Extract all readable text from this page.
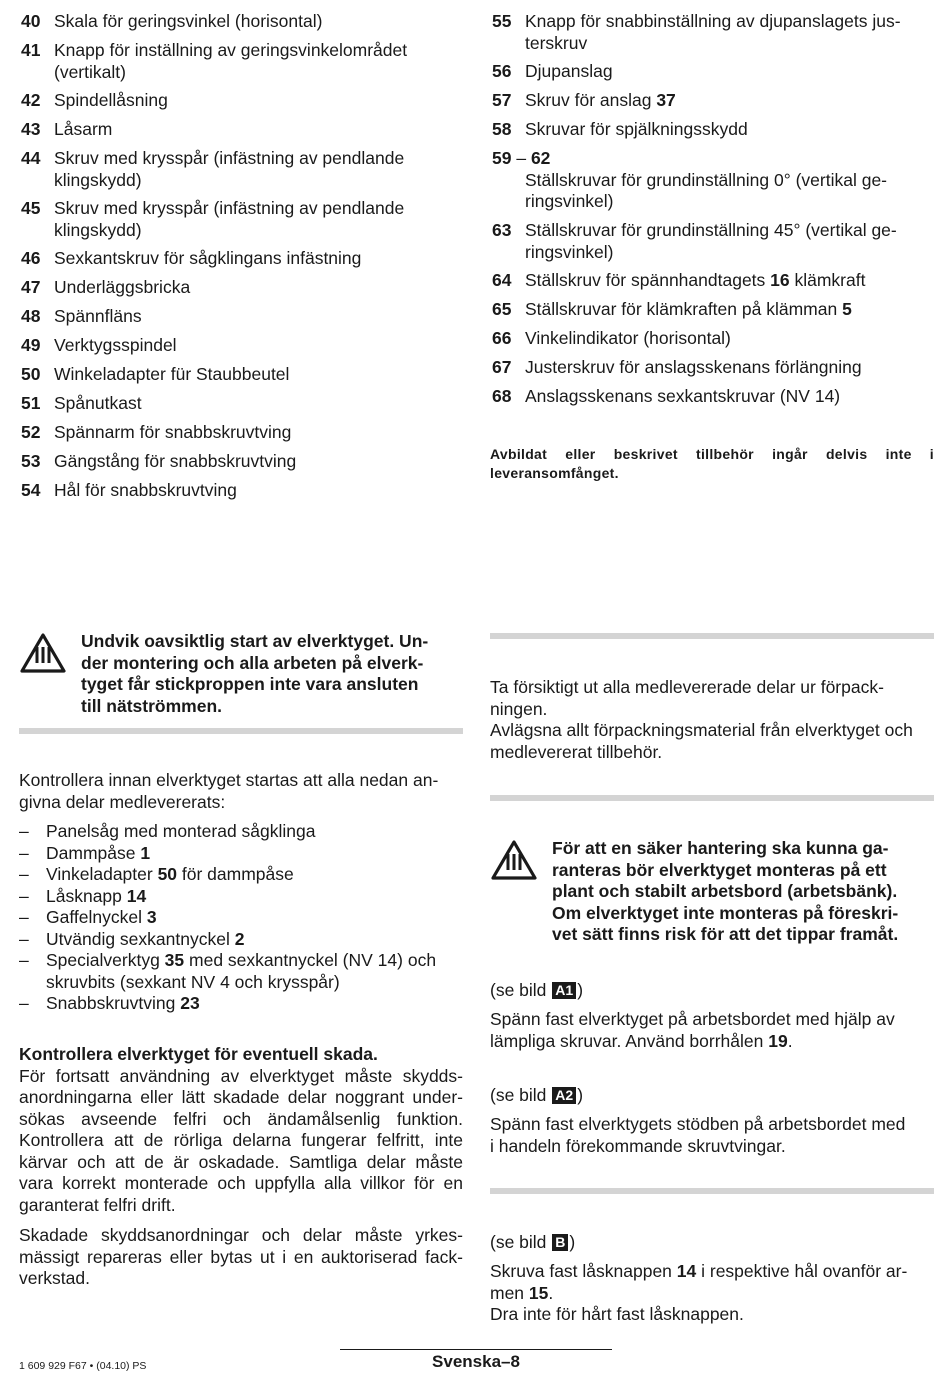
40 Skala för geringsvinkel (horisontal)
41 Knapp för inställning av geringsvinkelområdet (vertikalt)
42 Spindellåsning
43 Låsarm
44 Skruv med krysspår (infästning av pendlande klingskydd)
45 Skruv med krysspår (infästning av pendlande klingskydd)
46 Sexkantskruv för sågklingans infästning
47 Underläggsbricka
48 Spännfläns
49 Verktygsspindel
50 Winkeladapter für Staubbeutel
51 Spånutkast
52 Spännarm för snabbskruvtving
53 Gängstång för snabbskruvtving
54 Hål för snabbskruvtving
55 Knapp för snabbinställning av djupanslagets jus-
terskruv
56 Djupanslag
57 Skruv för anslag 37
58 Skruvar för spjälkningsskydd
59 – 62
Ställskruvar för grundinställning 0° (vertikal ge-
ringsvinkel)
63 Ställskruvar för grundinställning 45° (vertikal ge-
ringsvinkel)
64 Ställskruv för spännhandtagets 16 klämkraft
65 Ställskruvar för klämkraften på klämman 5
66 Vinkelindikator (horisontal)
67 Justerskruv för anslagsskenans förlängning
68 Anslagsskenans sexkantskruvar (NV 14)
Avbildat eller beskrivet tillbehör ingår delvis inte i
leveransomfånget.
Undvik oavsiktlig start av elverktyget. Un-
der montering och alla arbeten på elverk-
tyget får stickproppen inte vara ansluten
till nätströmmen.
Kontrollera innan elverktyget startas att alla nedan an-
givna delar medlevererats:
– Panelsåg med monterad sågklinga
– Dammpåse 1
– Vinkeladapter 50 för dammpåse
– Låsknapp 14
– Gaffelnyckel 3
– Utvändig sexkantnyckel 2
– Specialverktyg 35 med sexkantnyckel (NV 14) och
skruvbits (sexkant NV 4 och krysspår)
– Snabbskruvtving 23
Kontrollera elverktyget för eventuell skada.
För fortsatt användning av elverktyget måste skydds-
anordningarna eller lätt skadade delar noggrant under-
sökas avseende felfri och ändamålsenlig funktion.
Kontrollera att de rörliga delarna fungerar felfritt, inte
kärvar och att de är oskadade. Samtliga delar måste
vara korrekt monterade och uppfylla alla villkor för en
garanterat felfri drift.
Skadade skyddsanordningar och delar måste yrkes-
mässigt repareras eller bytas ut i en auktoriserad fack-
verkstad.
Ta försiktigt ut alla medlevererade delar ur förpack-
ningen.
Avlägsna allt förpackningsmaterial från elverktyget och
medlevererat tillbehör.
För att en säker hantering ska kunna ga-
ranteras bör elverktyget monteras på ett
plant och stabilt arbetsbord (arbetsbänk).
Om elverktyget inte monteras på föreskri-
vet sätt finns risk för att det tippar framåt.
(se bild A1 )
Spänn fast elverktyget på arbetsbordet med hjälp av
lämpliga skruvar. Använd borrhålen 19.
(se bild A2 )
Spänn fast elverktygets stödben på arbetsbordet med
i handeln förekommande skruvtvingar.
(se bild B )
Skruva fast låsknappen 14 i respektive hål ovanför ar-
men 15.
Dra inte för hårt fast låsknappen.
1 609 929 F67 • (04.10) PS	Svenska–8
